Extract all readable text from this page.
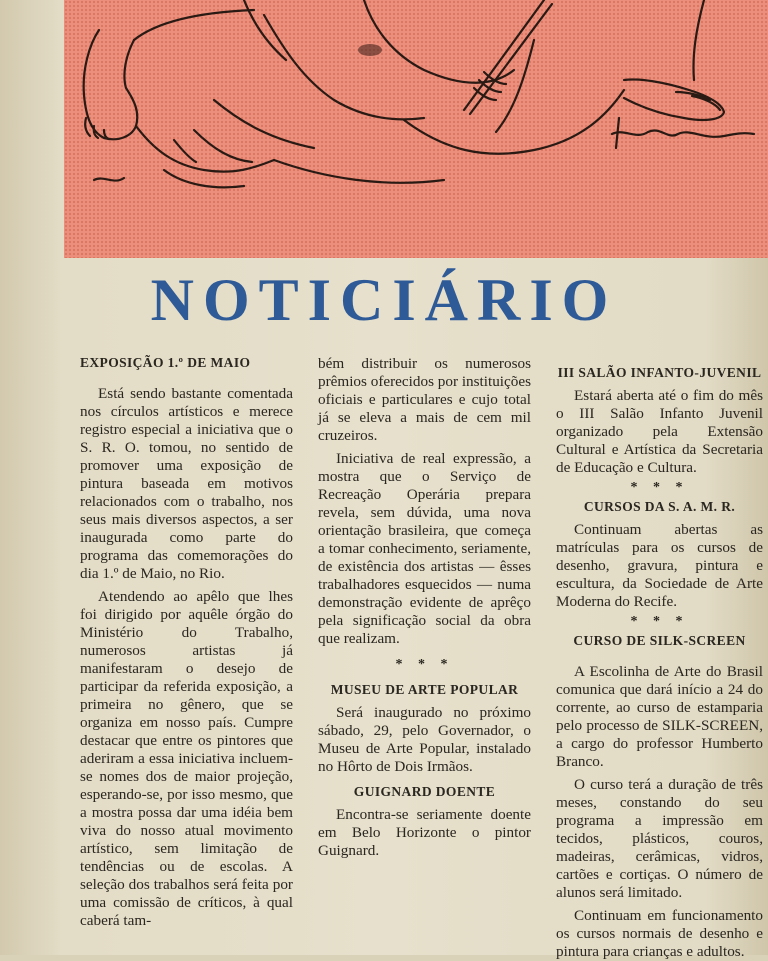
NOTICIÁRIO
EXPOSIÇÃO 1.º DE MAIO

Está sendo bastante comentada nos círculos artísticos e merece registro especial a iniciativa que o S. R. O. tomou, no sentido de promover uma exposição de pintura baseada em motivos relacionados com o trabalho, nos seus mais diversos aspectos, a ser inaugurada como parte do programa das comemorações do dia 1.º de Maio, no Rio.

Atendendo ao apêlo que lhes foi dirigido por aquêle órgão do Ministério do Trabalho, numerosos artistas já manifestaram o desejo de participar da referida exposição, a primeira no gênero, que se organiza em nosso país. Cumpre destacar que entre os pintores que aderiram a essa iniciativa incluem-se nomes dos de maior projeção, esperando-se, por isso mesmo, que a mostra possa dar uma idéia bem viva do nosso atual movimento artístico, sem limitação de tendências ou de escolas. A seleção dos trabalhos será feita por uma comissão de críticos, à qual caberá tam-

bém distribuir os numerosos prêmios oferecidos por instituições oficiais e particulares e cujo total já se eleva a mais de cem mil cruzeiros.

Iniciativa de real expressão, a mostra que o Serviço de Recreação Operária prepara revela, sem dúvida, uma nova orientação brasileira, que começa a tomar conhecimento, seriamente, de existência dos artistas — êsses trabalhadores esquecidos — numa demonstração evidente de aprêço pela significação social da obra que realizam.

* * *
MUSEU DE ARTE POPULAR

Será inaugurado no próximo sábado, 29, pelo Governador, o Museu de Arte Popular, instalado no Hôrto de Dois Irmãos.

GUIGNARD DOENTE

Encontra-se seriamente doente em Belo Horizonte o pintor Guignard.

III SALÃO INFANTO-JUVENIL

Estará aberta até o fim do mês o III Salão Infanto Juvenil organizado pela Extensão Cultural e Artística da Secretaria de Educação e Cultura.

* * *
CURSOS DA S. A. M. R.

Continuam abertas as matrículas para os cursos de desenho, gravura, pintura e escultura, da Sociedade de Arte Moderna do Recife.

* * *
CURSO DE SILK-SCREEN

A Escolinha de Arte do Brasil comunica que dará início a 24 do corrente, ao curso de estamparia pelo processo de SILK-SCREEN, a cargo do professor Humberto Branco.

O curso terá a duração de três meses, constando do seu programa a impressão em tecidos, plásticos, couros, madeiras, cerâmicas, vidros, cartões e cortiças. O número de alunos será limitado.

Continuam em funcionamento os cursos normais de desenho e pintura para crianças e adultos.
